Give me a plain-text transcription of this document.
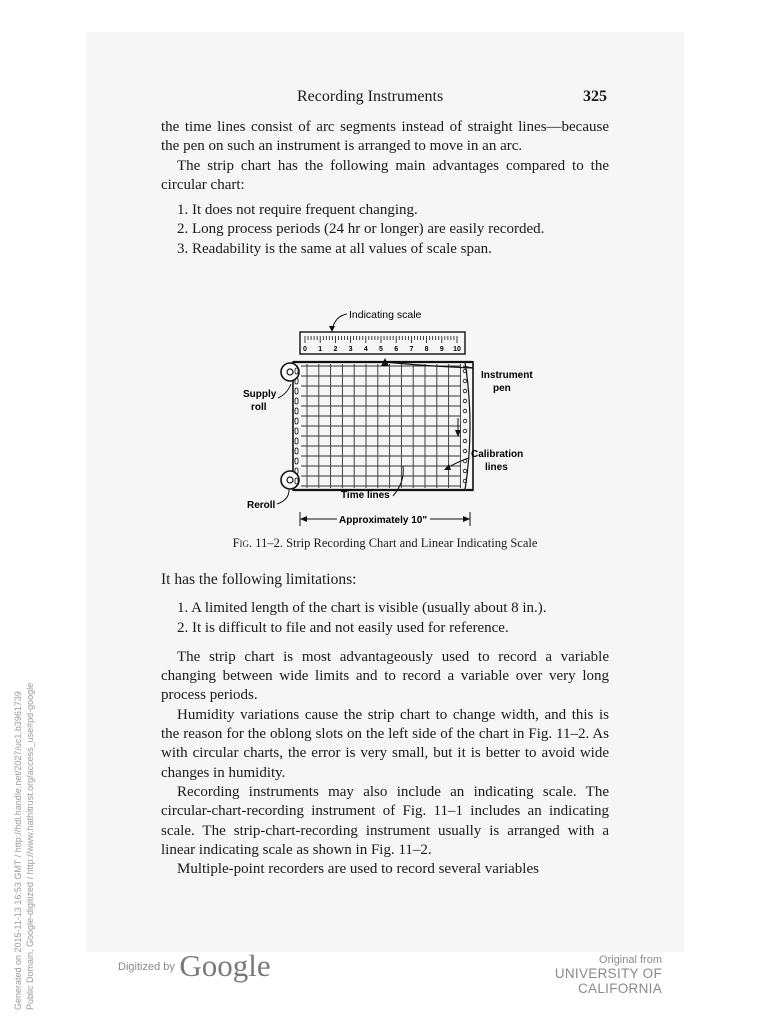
Recording Instruments	325

the time lines consist of arc segments instead of straight lines—because the pen on such an instrument is arranged to move in an arc.

The strip chart has the following main advantages compared to the circular chart:

1. It does not require frequent changing.
2. Long process periods (24 hr or longer) are easily recorded.
3. Readability is the same at all values of scale span.
0 1 2 3 4 5 6 7 8 9 10
Indicating scale
Instrument
pen
Supply
roll
Calibration
lines
Time lines
Reroll
Approximately 10"
Fig. 11–2. Strip Recording Chart and Linear Indicating Scale

It has the following limitations:

1. A limited length of the chart is visible (usually about 8 in.).
2. It is difficult to file and not easily used for reference.

The strip chart is most advantageously used to record a variable changing between wide limits and to record a variable over very long process periods.

Humidity variations cause the strip chart to change width, and this is the reason for the oblong slots on the left side of the chart in Fig. 11–2. As with circular charts, the error is very small, but it is better to avoid wide changes in humidity.

Recording instruments may also include an indicating scale. The circular-chart-recording instrument of Fig. 11–1 includes an indicating scale. The strip-chart-recording instrument usually is arranged with a linear indicating scale as shown in Fig. 11–2.

Multiple-point recorders are used to record several variables

Generated on 2015-11-13 16:53 GMT / http://hdl.handle.net/2027/uc1.b3961739 Public Domain, Google-digitized / http://www.hathitrust.org/access_use#pd-google	$^{Digitized by}$ Google	Original from
UNIVERSITY OF CALIFORNIA
